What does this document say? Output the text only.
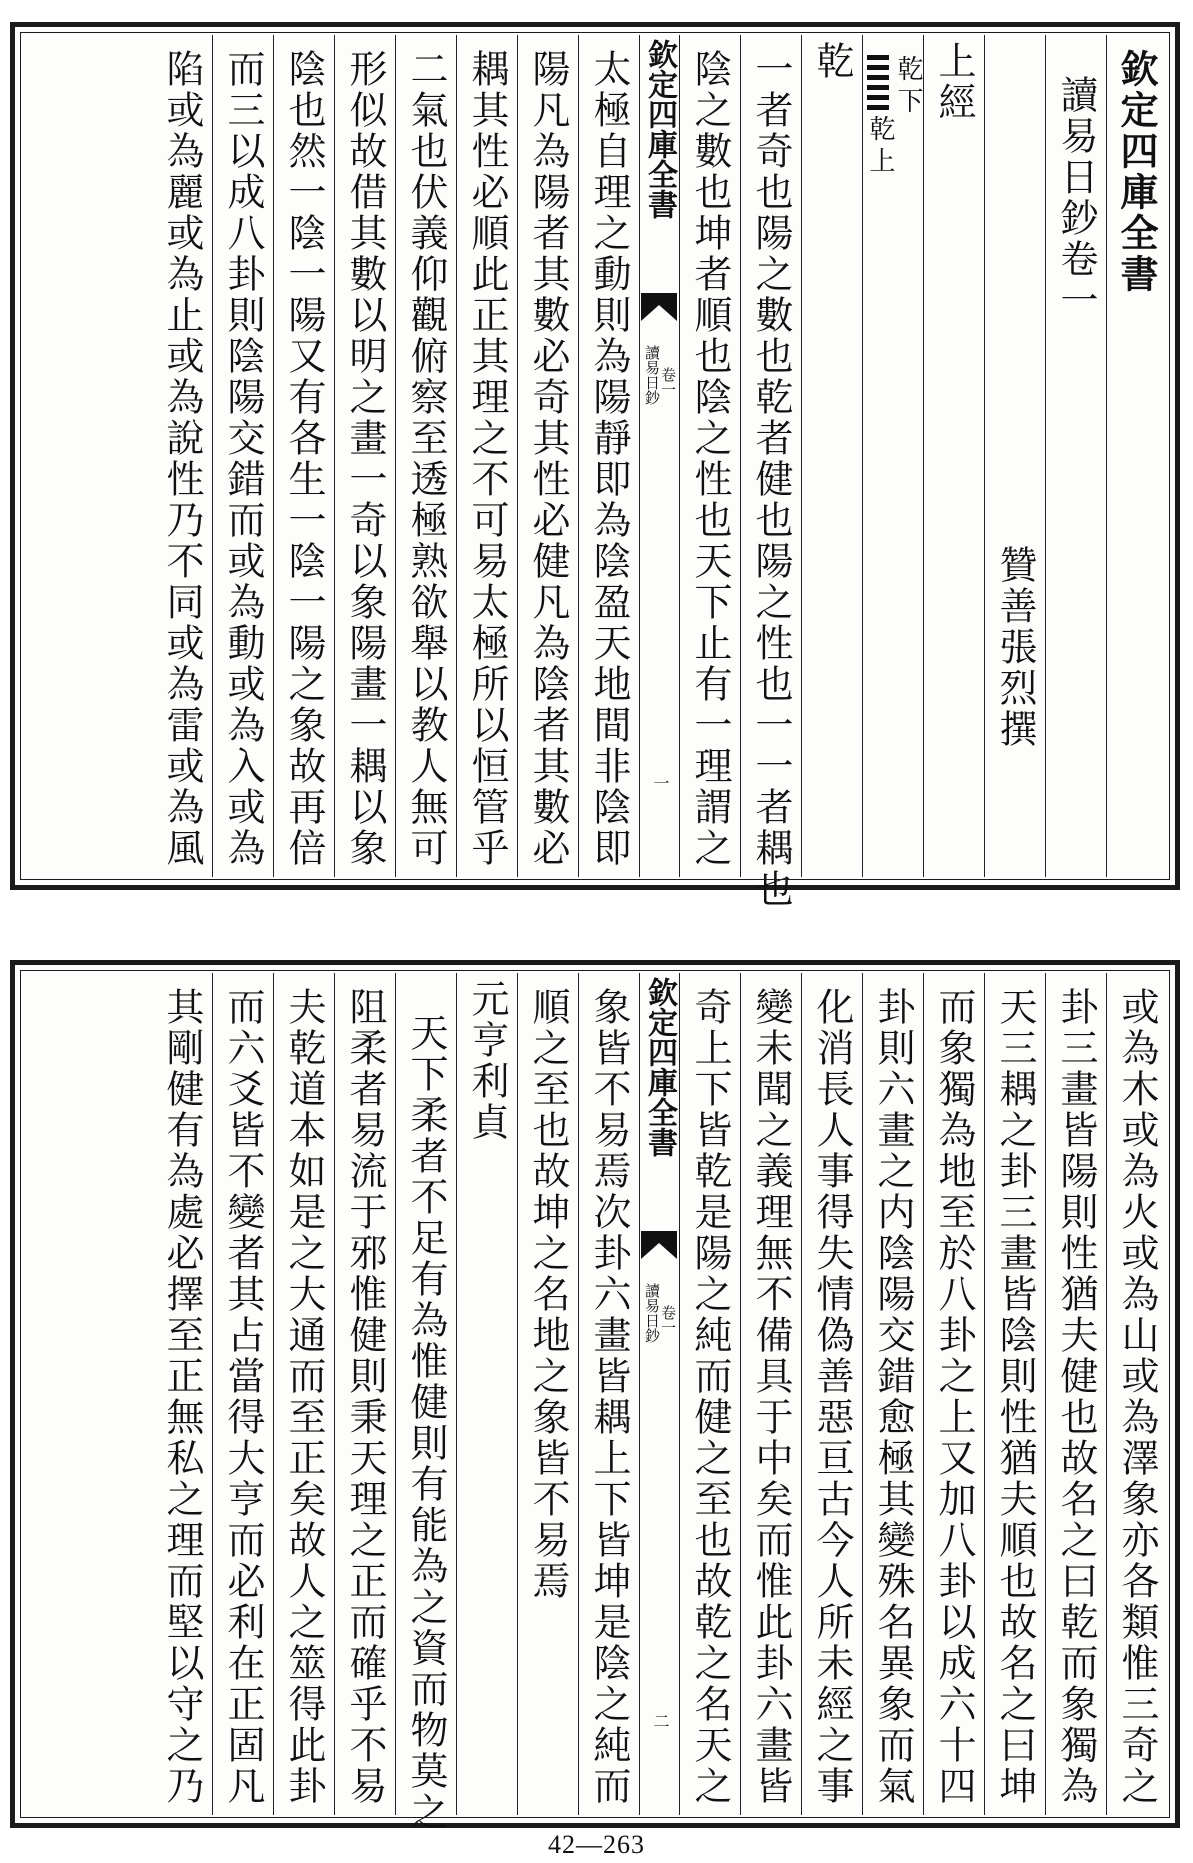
欽定四庫全書
讀易日鈔卷一
贊善張烈撰
上經
乾
下
乾
上
乾
一者奇也陽之數也乾者健也陽之性也一一者耦也
陰之數也坤者順也陰之性也天下止有一理謂之
欽定四庫全書
讀易日鈔
卷一
一
太極自理之動則為陽靜即為陰盈天地間非陰即
陽凡為陽者其數必奇其性必健凡為陰者其數必
耦其性必順此正其理之不可易太極所以恒管乎
二氣也伏義仰觀俯察至透極熟欲舉以教人無可
形似故借其數以明之畫一奇以象陽畫一耦以象
陰也然一陰一陽又有各生一陰一陽之象故再倍
而三以成八卦則陰陽交錯而或為動或為入或為
陷或為麗或為止或為說性乃不同或為雷或為風
或為木或為火或為山或為澤象亦各類惟三奇之
卦三畫皆陽則性猶夫健也故名之曰乾而象獨為
天三耦之卦三畫皆陰則性猶夫順也故名之曰坤
而象獨為地至於八卦之上又加八卦以成六十四
卦則六畫之内陰陽交錯愈極其變殊名異象而氣
化消長人事得失情偽善惡亘古今人所未經之事
變未聞之義理無不備具于中矣而惟此卦六畫皆
奇上下皆乾是陽之純而健之至也故乾之名天之
欽定四庫全書
讀易日鈔
卷一
二
象皆不易焉次卦六畫皆耦上下皆坤是陰之純而
順之至也故坤之名地之象皆不易焉
元亨利貞
天下柔者不足有為惟健則有能為之資而物莫之
阻柔者易流于邪惟健則秉天理之正而確乎不易
夫乾道本如是之大通而至正矣故人之筮得此卦
而六爻皆不變者其占當得大亨而必利在正固凡
其剛健有為處必擇至正無私之理而堅以守之乃
42—263
